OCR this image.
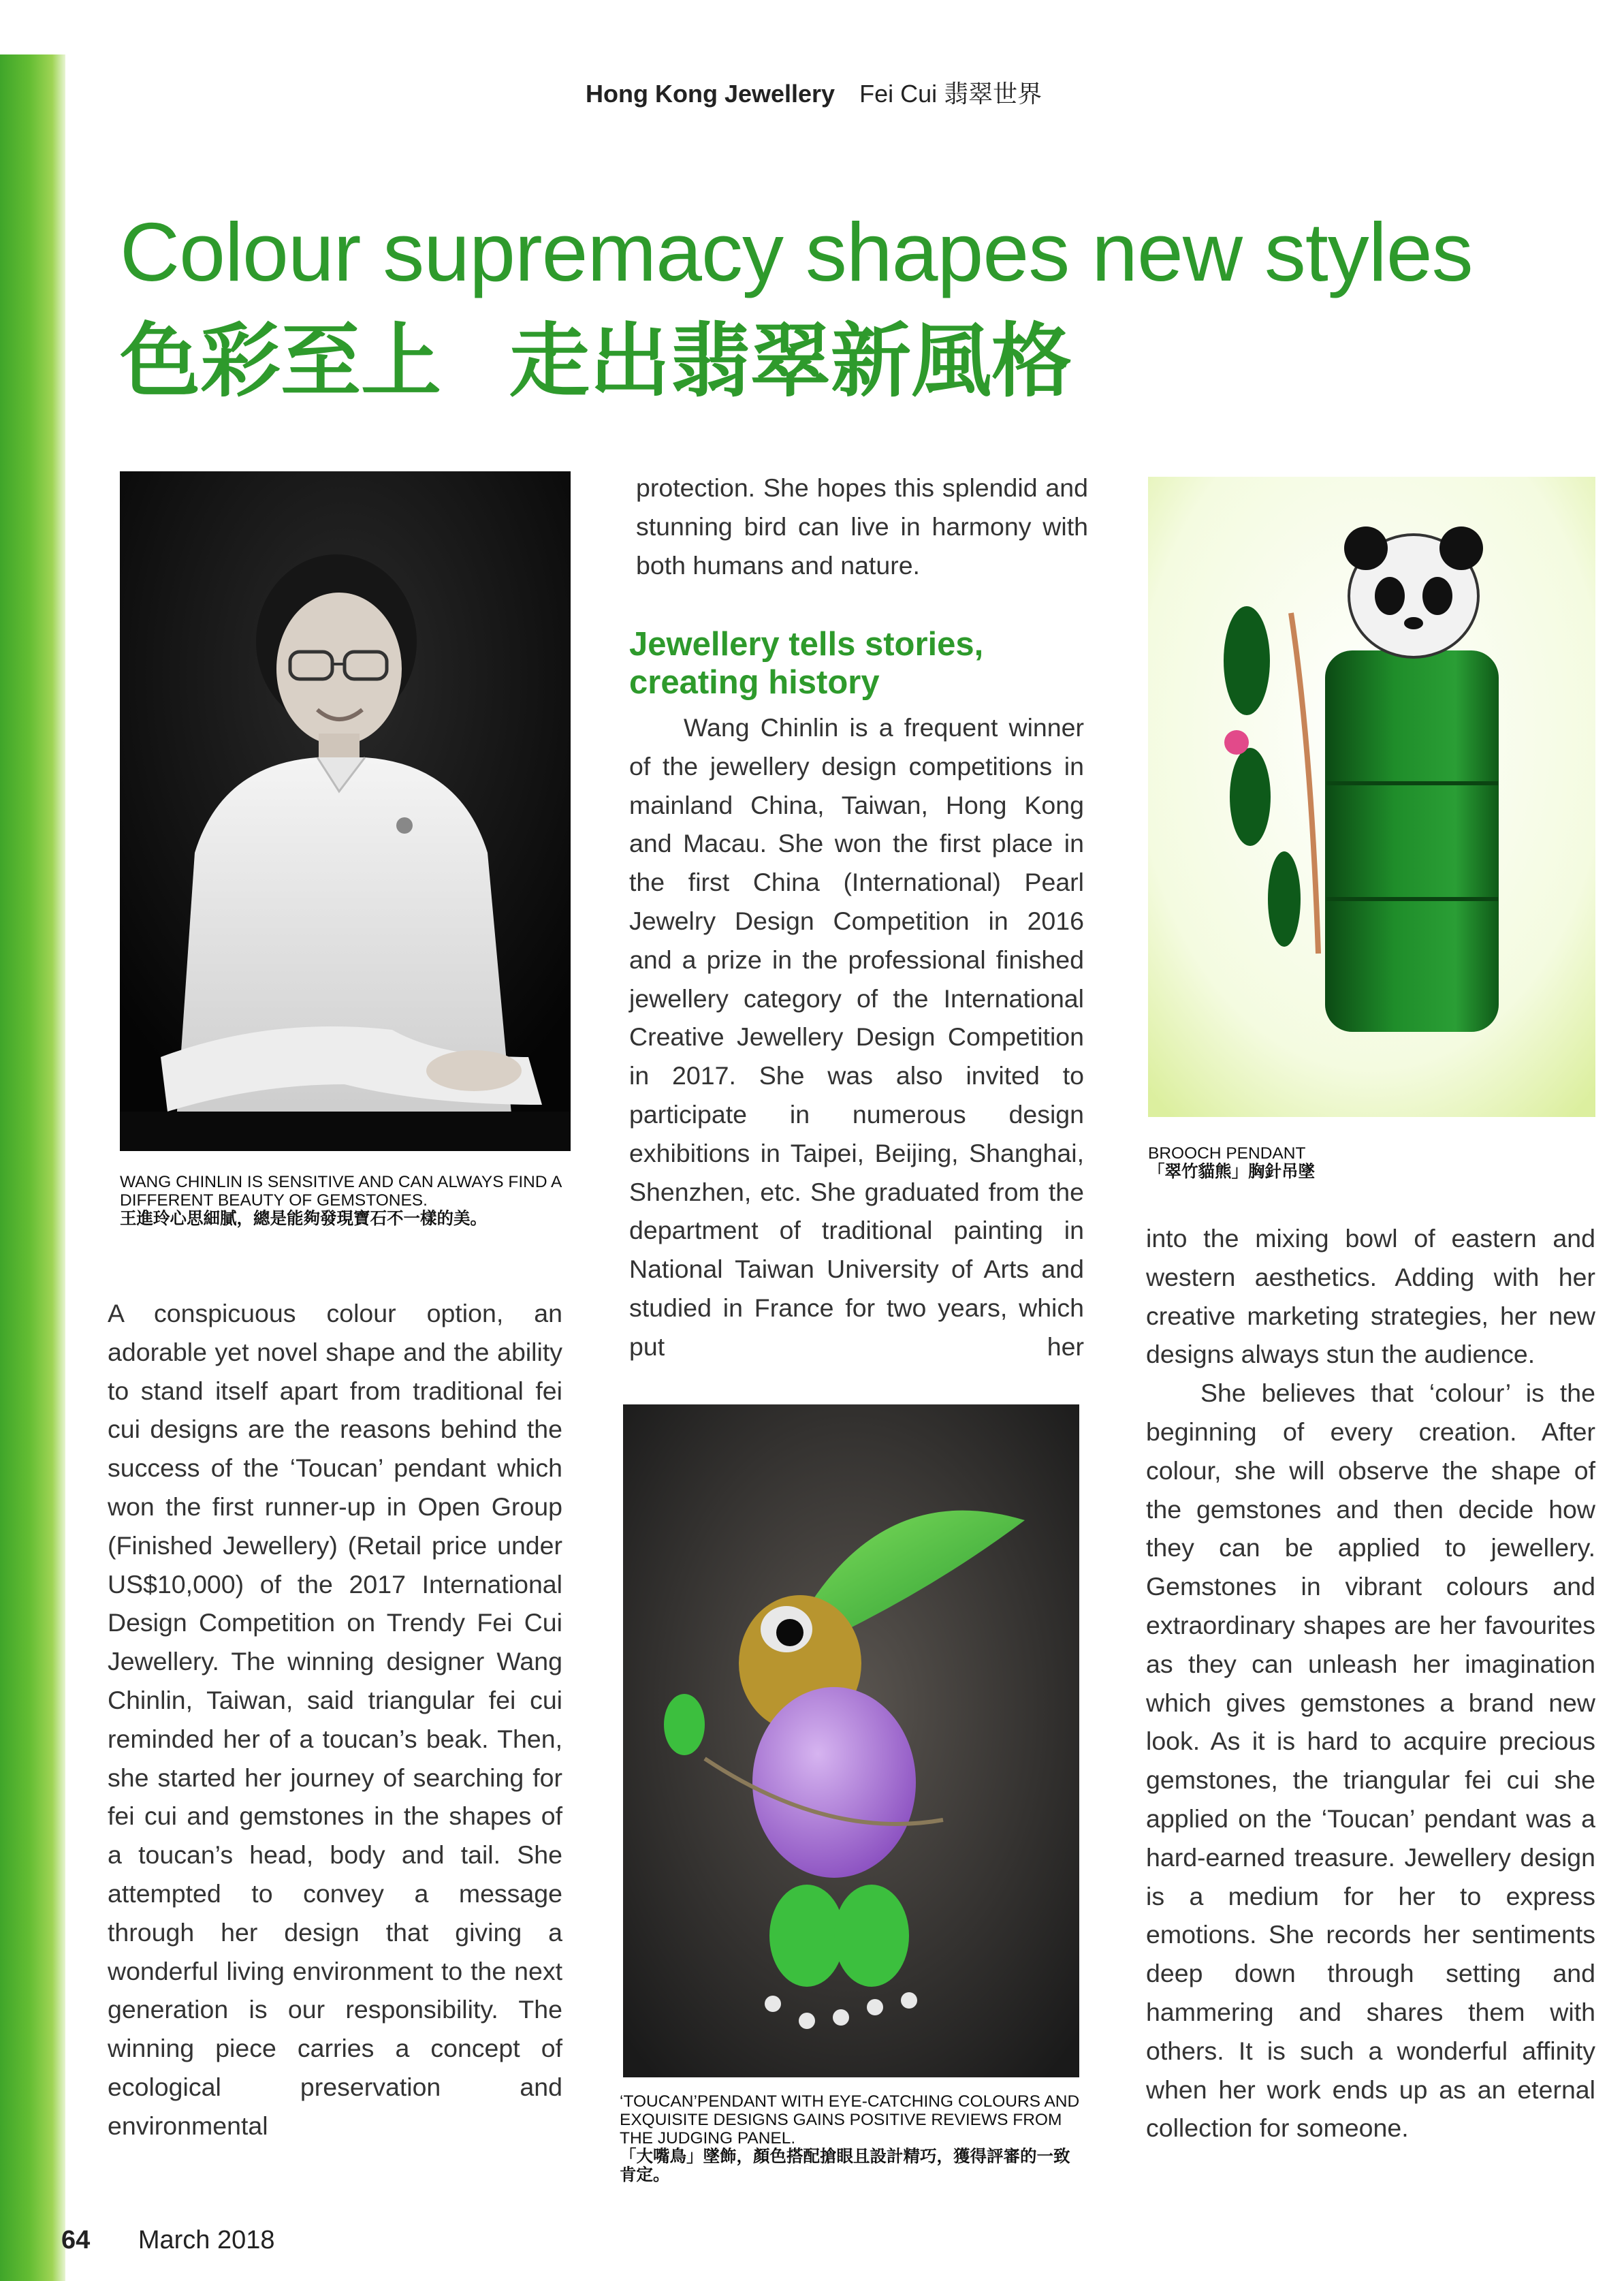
Hong Kong Jewellery Fei Cui 翡翠世界
Colour supremacy shapes new styles
色彩至上 走出翡翠新風格
WANG CHINLIN IS SENSITIVE AND CAN ALWAYS FIND A DIFFERENT BEAUTY OF GEMSTONES.
王進玲心思細膩，總是能夠發現寶石不一樣的美。
BROOCH PENDANT
「翠竹貓熊」胸針吊墜
‘TOUCAN’PENDANT WITH EYE-CATCHING COLOURS AND EXQUISITE DESIGNS GAINS POSITIVE REVIEWS FROM THE JUDGING PANEL.
「大嘴鳥」墜飾，顏色搭配搶眼且設計精巧，獲得評審的一致肯定。

A conspicuous colour option, an adorable yet novel shape and the ability to stand itself apart from traditional fei cui designs are the reasons behind the success of the ‘Toucan’ pendant which won the first runner-up in Open Group (Finished Jewellery) (Retail price under US$10,000) of the 2017 International Design Competition on Trendy Fei Cui Jewellery. The winning designer Wang Chinlin, Taiwan, said triangular fei cui reminded her of a toucan’s beak. Then, she started her journey of searching for fei cui and gemstones in the shapes of a toucan’s head, body and tail. She attempted to convey a message through her design that giving a wonderful living environment to the next generation is our responsibility. The winning piece carries a concept of ecological preservation and environmental

protection. She hopes this splendid and stunning bird can live in harmony with both humans and nature.

Jewellery tells stories, creating history

Wang Chinlin is a frequent winner of the jewellery design competitions in mainland China, Taiwan, Hong Kong and Macau. She won the first place in the first China (International) Pearl Jewelry Design Competition in 2016 and a prize in the professional finished jewellery category of the International Creative Jewellery Design Competition in 2017. She was also invited to participate in numerous design exhibitions in Taipei, Beijing, Shanghai, Shenzhen, etc. She graduated from the department of traditional painting in National Taiwan University of Arts and studied in France for two years, which put her

into the mixing bowl of eastern and western aesthetics. Adding with her creative marketing strategies, her new designs always stun the audience.

She believes that ‘colour’ is the beginning of every creation. After colour, she will observe the shape of the gemstones and then decide how they can be applied to jewellery. Gemstones in vibrant colours and extraordinary shapes are her favourites as they can unleash her imagination which gives gemstones a brand new look. As it is hard to acquire precious gemstones, the triangular fei cui she applied on the ‘Toucan’ pendant was a hard-earned treasure. Jewellery design is a medium for her to express emotions. She records her sentiments deep down through setting and hammering and shares them with others. It is such a wonderful affinity when her work ends up as an eternal collection for someone.

64 March 2018
